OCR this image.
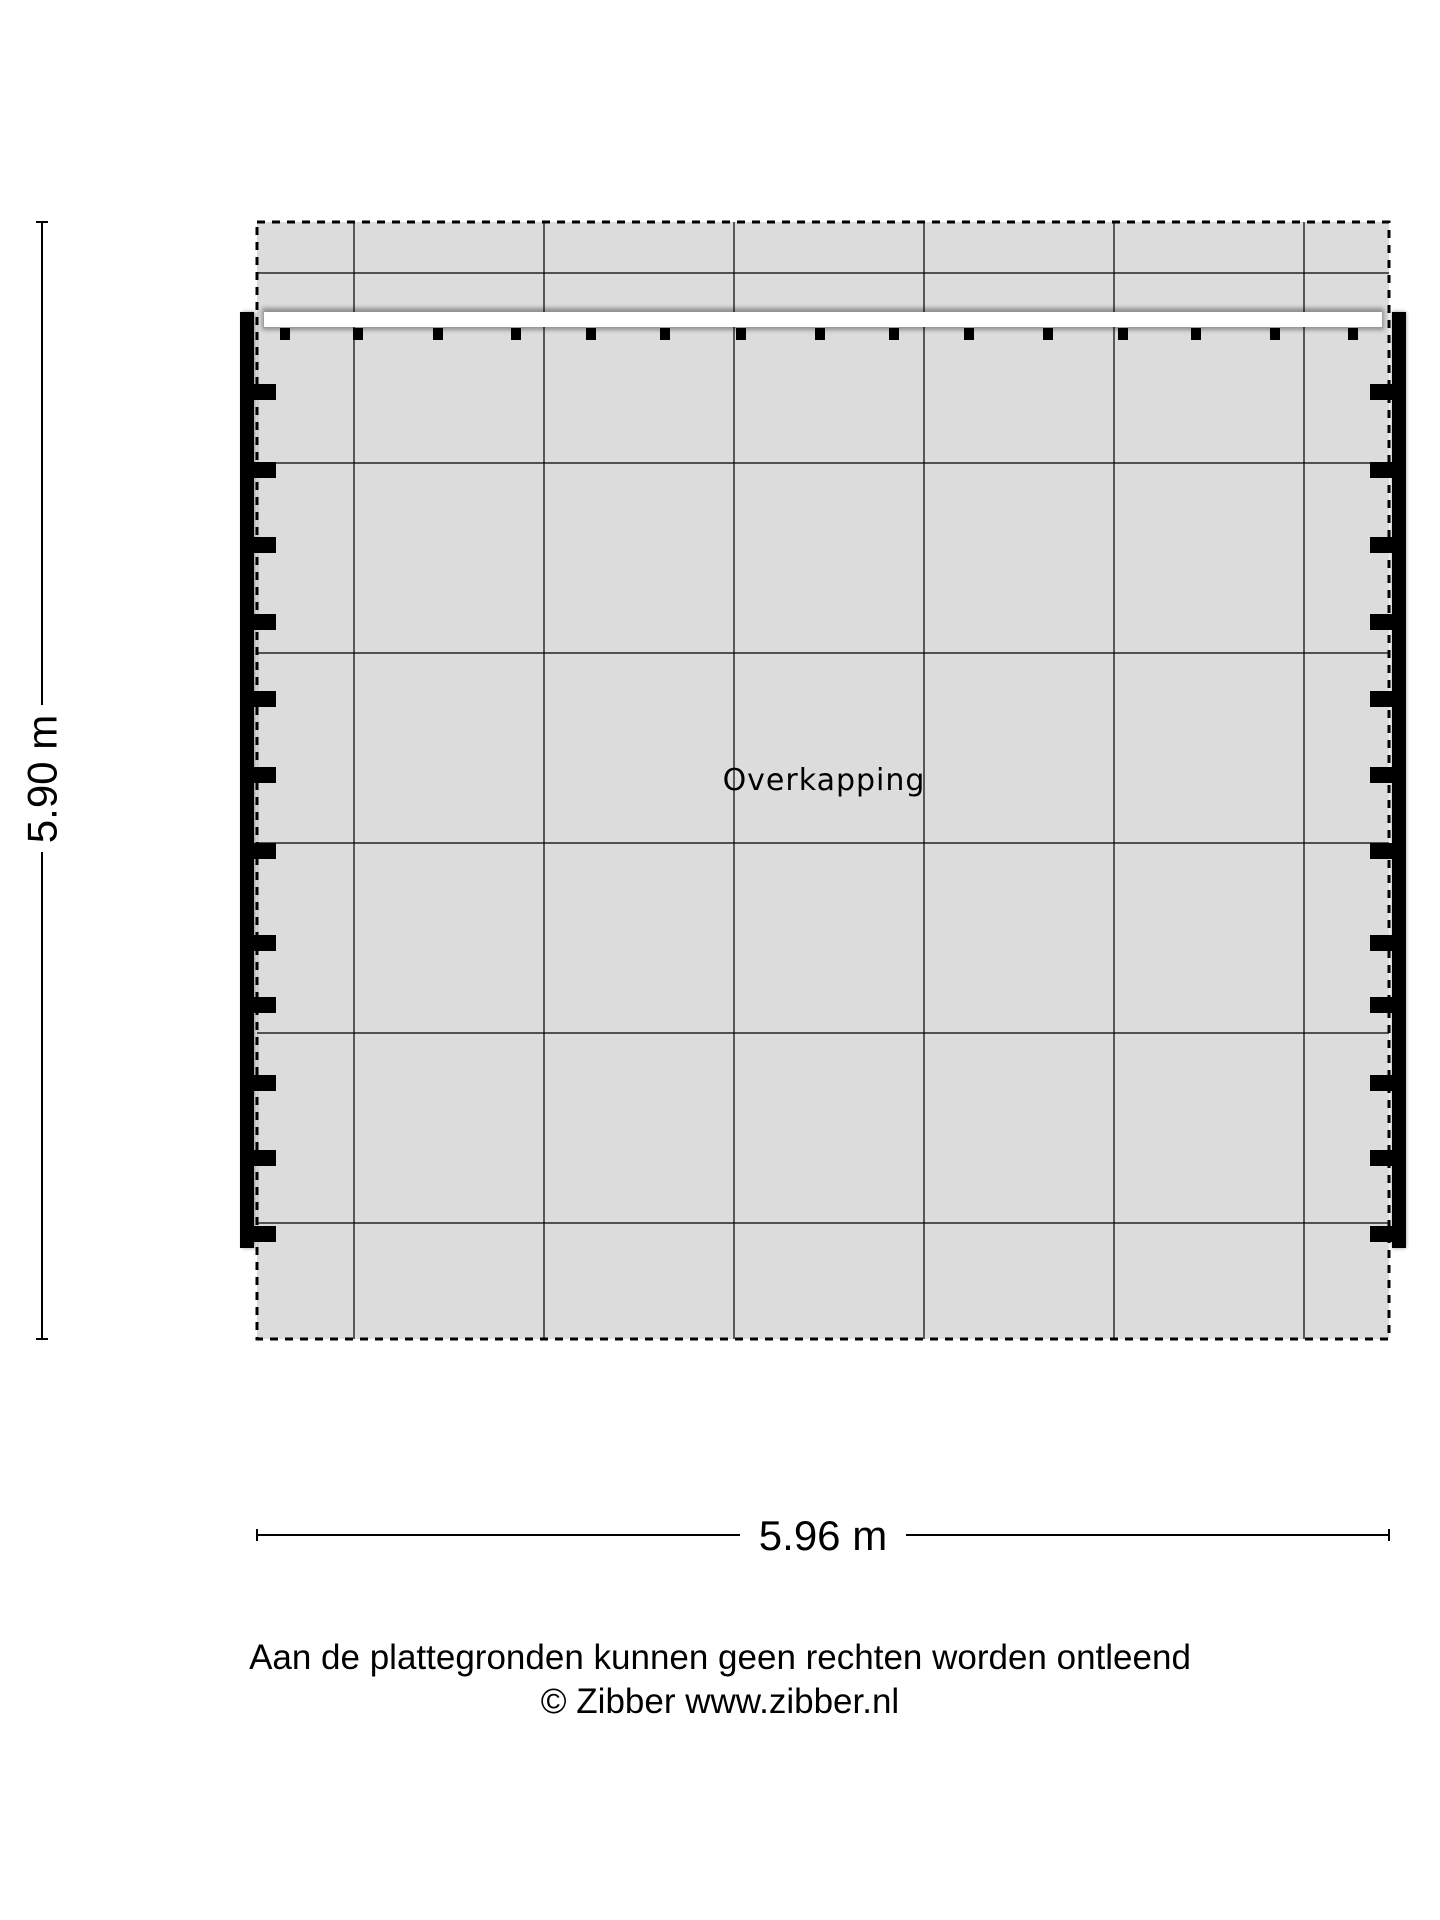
Overkapping
5.90 m
5.96 m
Aan de plattegronden kunnen geen rechten worden ontleend
© Zibber www.zibber.nl
